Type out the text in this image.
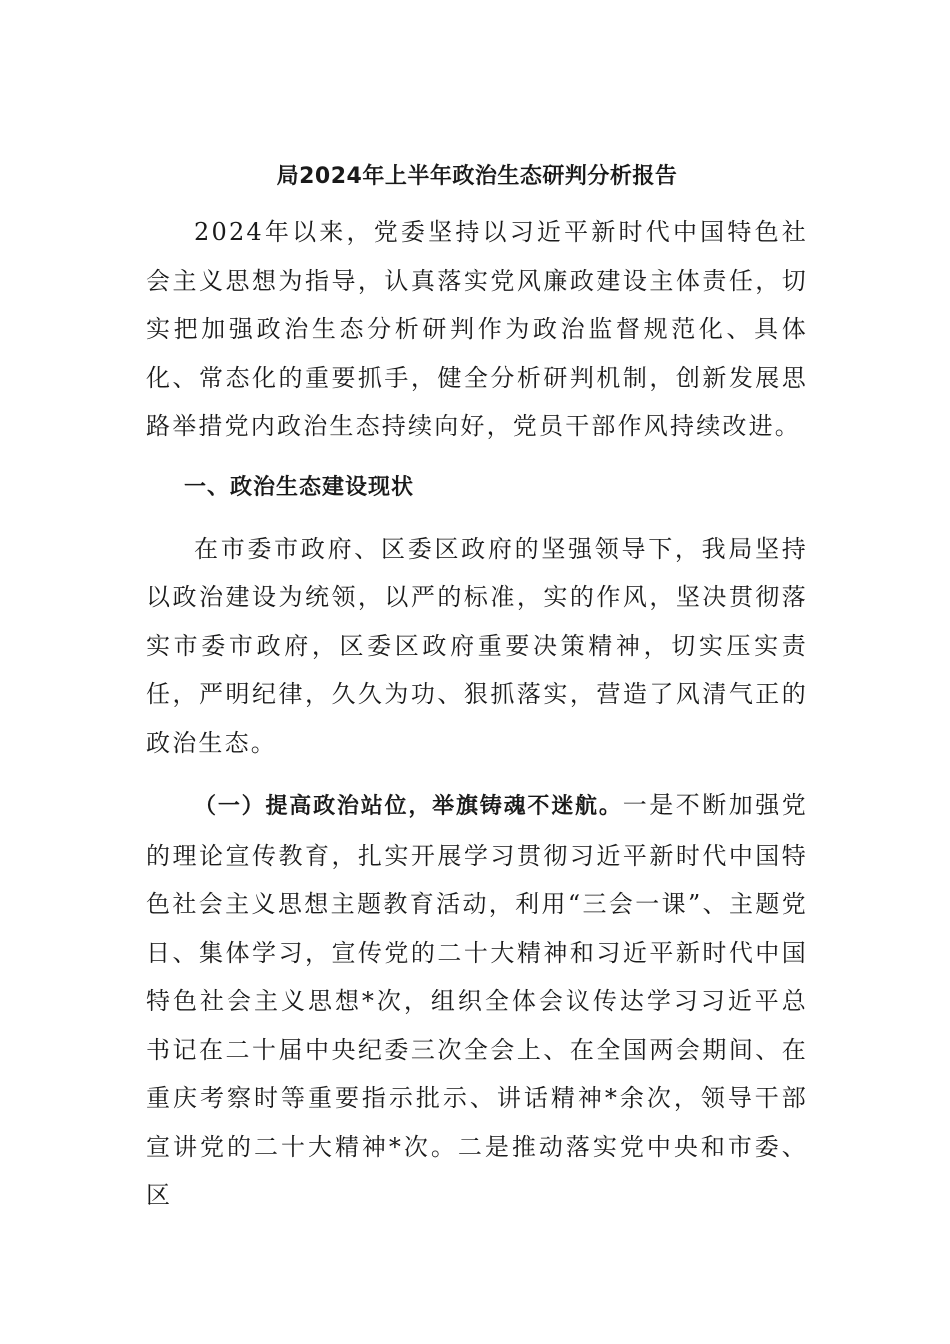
局2024年上半年政治生态研判分析报告

2024年以来，党委坚持以习近平新时代中国特色社会主义思想为指导，认真落实党风廉政建设主体责任，切实把加强政治生态分析研判作为政治监督规范化、具体化、常态化的重要抓手，健全分析研判机制，创新发展思路举措党内政治生态持续向好，党员干部作风持续改进。

一、政治生态建设现状

在市委市政府、区委区政府的坚强领导下，我局坚持以政治建设为统领，以严的标准，实的作风，坚决贯彻落实市委市政府，区委区政府重要决策精神，切实压实责任，严明纪律，久久为功、狠抓落实，营造了风清气正的政治生态。

（一）提高政治站位，举旗铸魂不迷航。一是不断加强党的理论宣传教育，扎实开展学习贯彻习近平新时代中国特色社会主义思想主题教育活动，利用“三会一课”、主题党日、集体学习，宣传党的二十大精神和习近平新时代中国特色社会主义思想*次，组织全体会议传达学习习近平总书记在二十届中央纪委三次全会上、在全国两会期间、在重庆考察时等重要指示批示、讲话精神*余次，领导干部宣讲党的二十大精神*次。二是推动落实党中央和市委、区
